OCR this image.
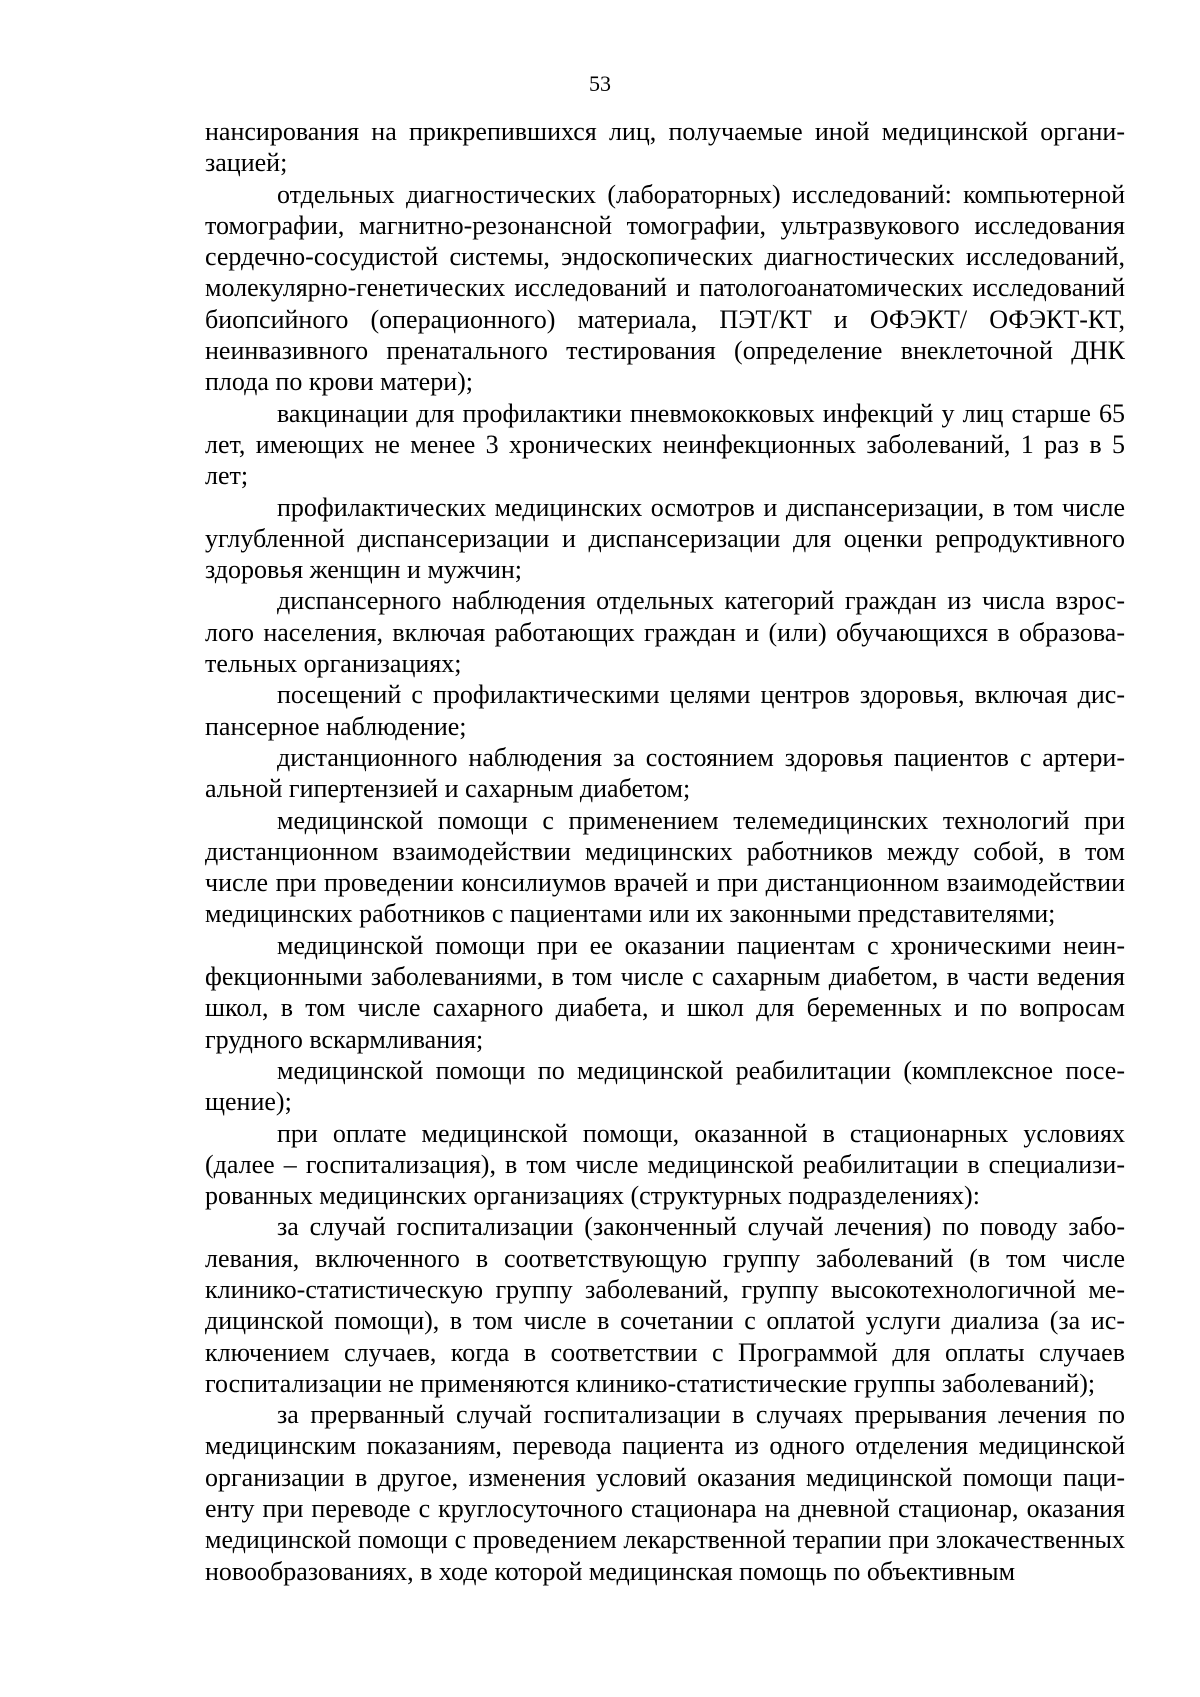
53

нансирования на прикрепившихся лиц, получаемые иной медицинской организацией;

отдельных диагностических (лабораторных) исследований: компьютерной томографии, магнитно-резонансной томографии, ультразвукового исследования сердечно-сосудистой системы, эндоскопических диагностических исследований, молекулярно-генетических исследований и патологоанатомических исследований биопсийного (операционного) материала, ПЭТ/КТ и ОФЭКТ/ ОФЭКТ-КТ, неинвазивного пренатального тестирования (определение внеклеточной ДНК плода по крови матери);

вакцинации для профилактики пневмококковых инфекций у лиц старше 65 лет, имеющих не менее 3 хронических неинфекционных заболеваний, 1 раз в 5 лет;

профилактических медицинских осмотров и диспансеризации, в том числе углубленной диспансеризации и диспансеризации для оценки репродуктивного здоровья женщин и мужчин;

диспансерного наблюдения отдельных категорий граждан из числа взрослого населения, включая работающих граждан и (или) обучающихся в образовательных организациях;

посещений с профилактическими целями центров здоровья, включая диспансерное наблюдение;

дистанционного наблюдения за состоянием здоровья пациентов с артериальной гипертензией и сахарным диабетом;

медицинской помощи с применением телемедицинских технологий при дистанционном взаимодействии медицинских работников между собой, в том числе при проведении консилиумов врачей и при дистанционном взаимодействии медицинских работников с пациентами или их законными представителями;

медицинской помощи при ее оказании пациентам с хроническими неинфекционными заболеваниями, в том числе с сахарным диабетом, в части ведения школ, в том числе сахарного диабета, и школ для беременных и по вопросам грудного вскармливания;

медицинской помощи по медицинской реабилитации (комплексное посещение);

при оплате медицинской помощи, оказанной в стационарных условиях (далее – госпитализация), в том числе медицинской реабилитации в специализированных медицинских организациях (структурных подразделениях):

за случай госпитализации (законченный случай лечения) по поводу заболевания, включенного в соответствующую группу заболеваний (в том числе клинико-статистическую группу заболеваний, группу высокотехнологичной медицинской помощи), в том числе в сочетании с оплатой услуги диализа (за исключением случаев, когда в соответствии с Программой для оплаты случаев госпитализации не применяются клинико-статистические группы заболеваний);

за прерванный случай госпитализации в случаях прерывания лечения по медицинским показаниям, перевода пациента из одного отделения медицинской организации в другое, изменения условий оказания медицинской помощи пациенту при переводе с круглосуточного стационара на дневной стационар, оказания медицинской помощи с проведением лекарственной терапии при злокачественных новообразованиях, в ходе которой медицинская помощь по объективным
